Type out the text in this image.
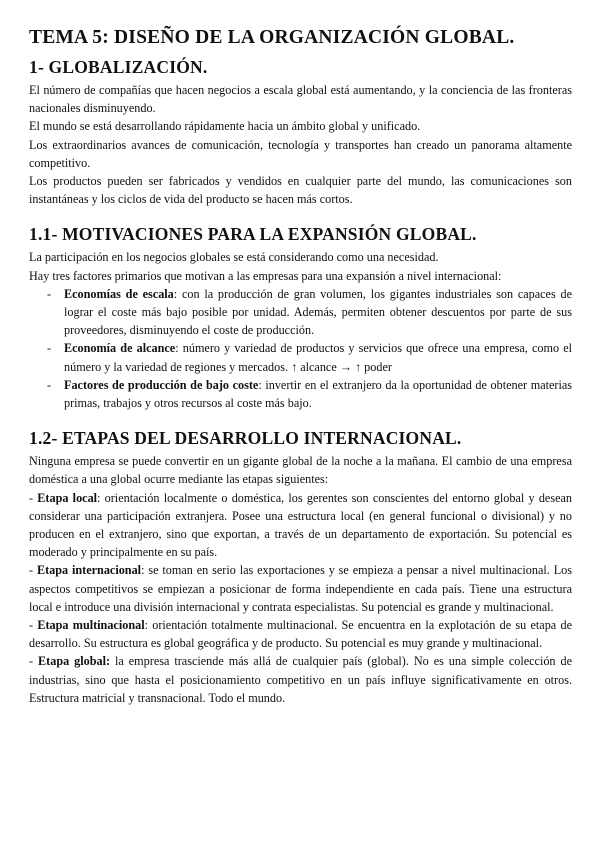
TEMA 5: DISEÑO DE LA ORGANIZACIÓN GLOBAL.
1- GLOBALIZACIÓN.

El número de compañías que hacen negocios a escala global está aumentando, y la conciencia de las fronteras nacionales disminuyendo.

El mundo se está desarrollando rápidamente hacia un ámbito global y unificado.

Los extraordinarios avances de comunicación, tecnología y transportes han creado un panorama altamente competitivo.

Los productos pueden ser fabricados y vendidos en cualquier parte del mundo, las comunicaciones son instantáneas y los ciclos de vida del producto se hacen más cortos.

1.1- MOTIVACIONES PARA LA EXPANSIÓN GLOBAL.

La participación en los negocios globales se está considerando como una necesidad.

Hay tres factores primarios que motivan a las empresas para una expansión a nivel internacional:

- Economías de escala: con la producción de gran volumen, los gigantes industriales son capaces de lograr el coste más bajo posible por unidad. Además, permiten obtener descuentos por parte de sus proveedores, disminuyendo el coste de producción.
- Economía de alcance: número y variedad de productos y servicios que ofrece una empresa, como el número y la variedad de regiones y mercados. ↑ alcance → ↑ poder
- Factores de producción de bajo coste: invertir en el extranjero da la oportunidad de obtener materias primas, trabajos y otros recursos al coste más bajo.
1.2- ETAPAS DEL DESARROLLO INTERNACIONAL.

Ninguna empresa se puede convertir en un gigante global de la noche a la mañana. El cambio de una empresa doméstica a una global ocurre mediante las etapas siguientes:

- Etapa local: orientación localmente o doméstica, los gerentes son conscientes del entorno global y desean considerar una participación extranjera. Posee una estructura local (en general funcional o divisional) y no producen en el extranjero, sino que exportan, a través de un departamento de exportación. Su potencial es moderado y principalmente en su país.

- Etapa internacional: se toman en serio las exportaciones y se empieza a pensar a nivel multinacional. Los aspectos competitivos se empiezan a posicionar de forma independiente en cada país. Tiene una estructura local e introduce una división internacional y contrata especialistas. Su potencial es grande y multinacional.

- Etapa multinacional: orientación totalmente multinacional. Se encuentra en la explotación de su etapa de desarrollo. Su estructura es global geográfica y de producto. Su potencial es muy grande y multinacional.

- Etapa global: la empresa trasciende más allá de cualquier país (global). No es una simple colección de industrias, sino que hasta el posicionamiento competitivo en un país influye significativamente en otros. Estructura matricial y transnacional. Todo el mundo.
